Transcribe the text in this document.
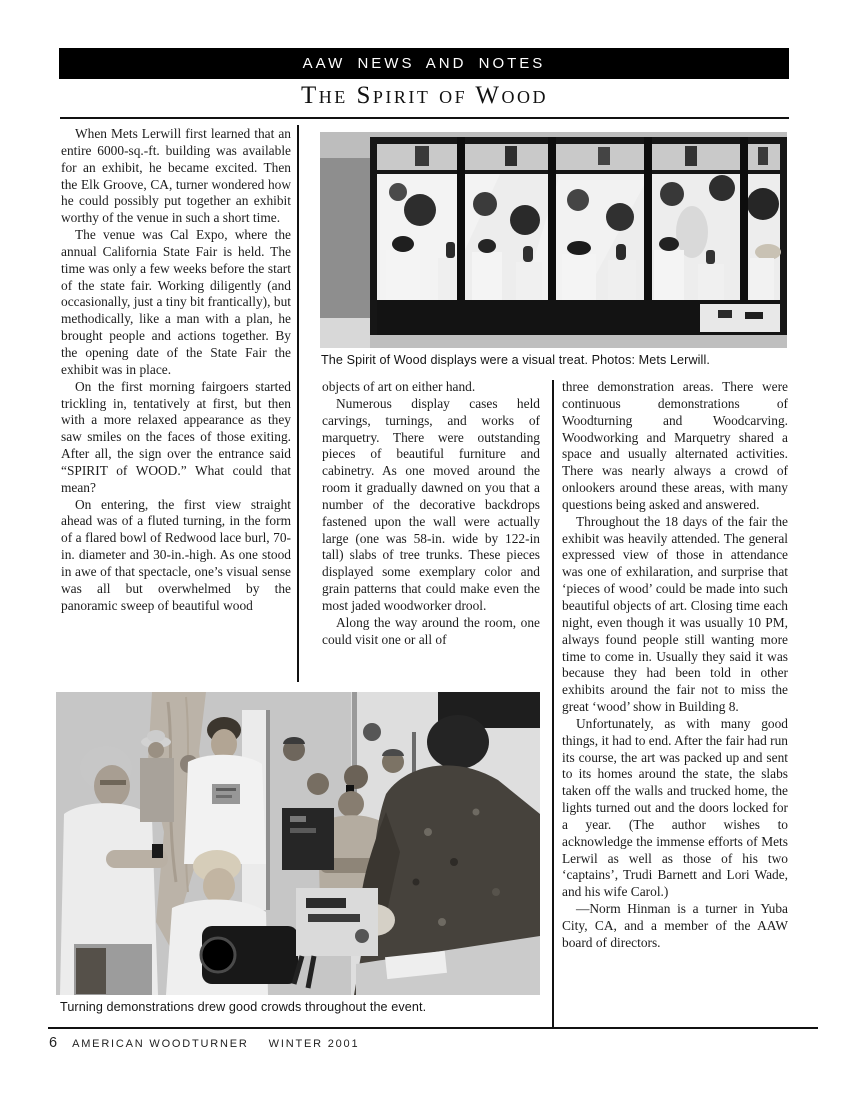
AAW NEWS AND NOTES
The Spirit of Wood

When Mets Lerwill first learned that an entire 6000-sq.-ft. building was available for an exhibit, he became excited. Then the Elk Groove, CA, turner wondered how he could possibly put together an exhibit worthy of the venue in such a short time.

The venue was Cal Expo, where the annual California State Fair is held. The time was only a few weeks before the start of the state fair. Working diligently (and occasionally, just a tiny bit frantically), but methodically, like a man with a plan, he brought people and actions together. By the opening date of the State Fair the exhibit was in place.

On the first morning fairgoers started trickling in, tentatively at first, but then with a more relaxed appearance as they saw smiles on the faces of those exiting. After all, the sign over the entrance said “SPIRIT of WOOD.” What could that mean?

On entering, the first view straight ahead was of a fluted turning, in the form of a flared bowl of Redwood lace burl, 70-in. diameter and 30-in.-high. As one stood in awe of that spectacle, one’s visual sense was all but overwhelmed by the panoramic sweep of beautiful wood

The Spirit of Wood displays were a visual treat. Photos: Mets Lerwill.

objects of art on either hand.

Numerous display cases held carvings, turnings, and works of marquetry. There were outstanding pieces of beautiful furniture and cabinetry. As one moved around the room it gradually dawned on you that a number of the decorative backdrops fastened upon the wall were actually large (one was 58-in. wide by 122-in tall) slabs of tree trunks. These pieces displayed some exemplary color and grain patterns that could make even the most jaded woodworker drool.

Along the way around the room, one could visit one or all of

three demonstration areas. There were continuous demonstrations of Woodturning and Woodcarving. Woodworking and Marquetry shared a space and usually alternated activities. There was nearly always a crowd of onlookers around these areas, with many questions being asked and answered.

Throughout the 18 days of the fair the exhibit was heavily attended. The general expressed view of those in attendance was one of exhilaration, and surprise that ‘pieces of wood’ could be made into such beautiful objects of art. Closing time each night, even though it was usually 10 PM, always found people still wanting more time to come in. Usually they said it was because they had been told in other exhibits around the fair not to miss the great ‘wood’ show in Building 8.

Unfortunately, as with many good things, it had to end. After the fair had run its course, the art was packed up and sent to its homes around the state, the slabs taken off the walls and trucked home, the lights turned out and the doors locked for a year. (The author wishes to acknowledge the immense efforts of Mets Lerwil as well as those of his two ‘captains’, Trudi Barnett and Lori Wade, and his wife Carol.)

—Norm Hinman is a turner in Yuba City, CA, and a member of the AAW board of directors.

Turning demonstrations drew good crowds throughout the event.
6 AMERICAN WOODTURNER WINTER 2001
